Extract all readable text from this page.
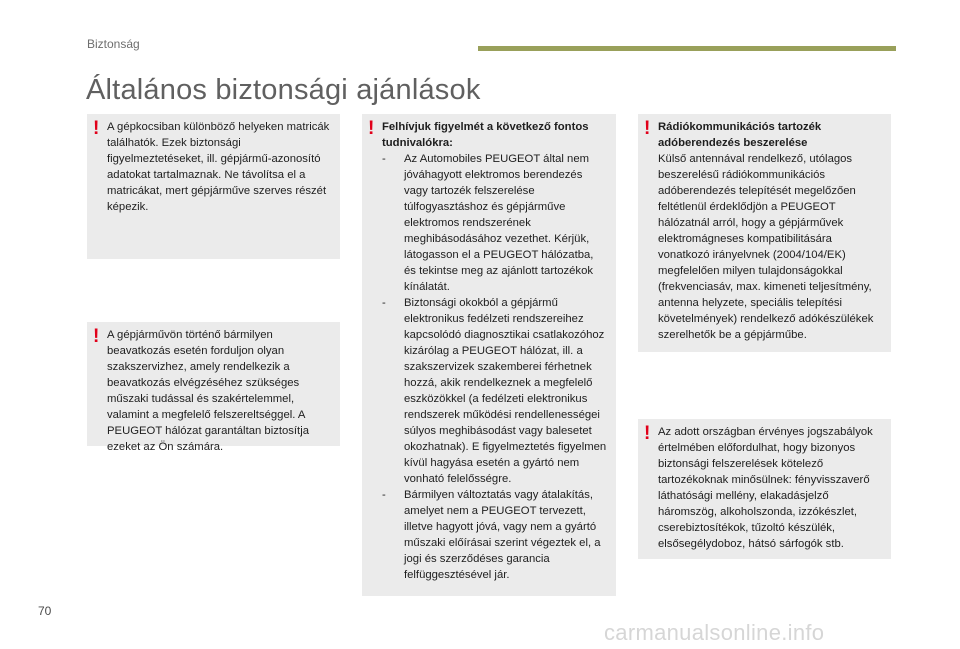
Biztonság
Általános biztonsági ajánlások
! A gépkocsiban különböző helyeken matricák találhatók. Ezek biztonsági figyelmeztetéseket, ill. gépjármű-azonosító adatokat tartalmaznak. Ne távolítsa el a matricákat, mert gépjárműve szerves részét képezik.

! A gépjárművön történő bármilyen beavatkozás esetén forduljon olyan szakszervizhez, amely rendelkezik a beavatkozás elvégzéséhez szükséges műszaki tudással és szakértelemmel, valamint a megfelelő felszereltséggel. A PEUGEOT hálózat garantáltan biztosítja ezeket az Ön számára.

! Felhívjuk figyelmét a következő fontos tudnivalókra:

- Az Automobiles PEUGEOT által nem jóváhagyott elektromos berendezés vagy tartozék felszerelése túlfogyasztáshoz és gépjárműve elektromos rendszerének meghibásodásához vezethet. Kérjük, látogasson el a PEUGEOT hálózatba, és tekintse meg az ajánlott tartozékok kínálatát.
- Biztonsági okokból a gépjármű elektronikus fedélzeti rendszereihez kapcsolódó diagnosztikai csatlakozóhoz kizárólag a PEUGEOT hálózat, ill. a szakszervizek szakemberei férhetnek hozzá, akik rendelkeznek a megfelelő eszközökkel (a fedélzeti elektronikus rendszerek működési rendellenességei súlyos meghibásodást vagy balesetet okozhatnak). E figyelmeztetés figyelmen kívül hagyása esetén a gyártó nem vonható felelősségre.
- Bármilyen változtatás vagy átalakítás, amelyet nem a PEUGEOT tervezett, illetve hagyott jóvá, vagy nem a gyártó műszaki előírásai szerint végeztek el, a jogi és szerződéses garancia felfüggesztésével jár.
! Rádiókommunikációs tartozék adóberendezés beszerelése

Külső antennával rendelkező, utólagos beszerelésű rádiókommunikációs adóberendezés telepítését megelőzően feltétlenül érdeklődjön a PEUGEOT hálózatnál arról, hogy a gépjárművek elektromágneses kompatibilitására vonatkozó irányelvnek (2004/104/EK) megfelelően milyen tulajdonságokkal (frekvenciasáv, max. kimeneti teljesítmény, antenna helyzete, speciális telepítési követelmények) rendelkező adókészülékek szerelhetők be a gépjárműbe.

! Az adott országban érvényes jogszabályok értelmében előfordulhat, hogy bizonyos biztonsági felszerelések kötelező tartozékoknak minősülnek: fényvisszaverő láthatósági mellény, elakadásjelző háromszög, alkoholszonda, izzókészlet, cserebiztosítékok, tűzoltó készülék, elsősegélydoboz, hátsó sárfogók stb.

70
carmanualsonline.info
